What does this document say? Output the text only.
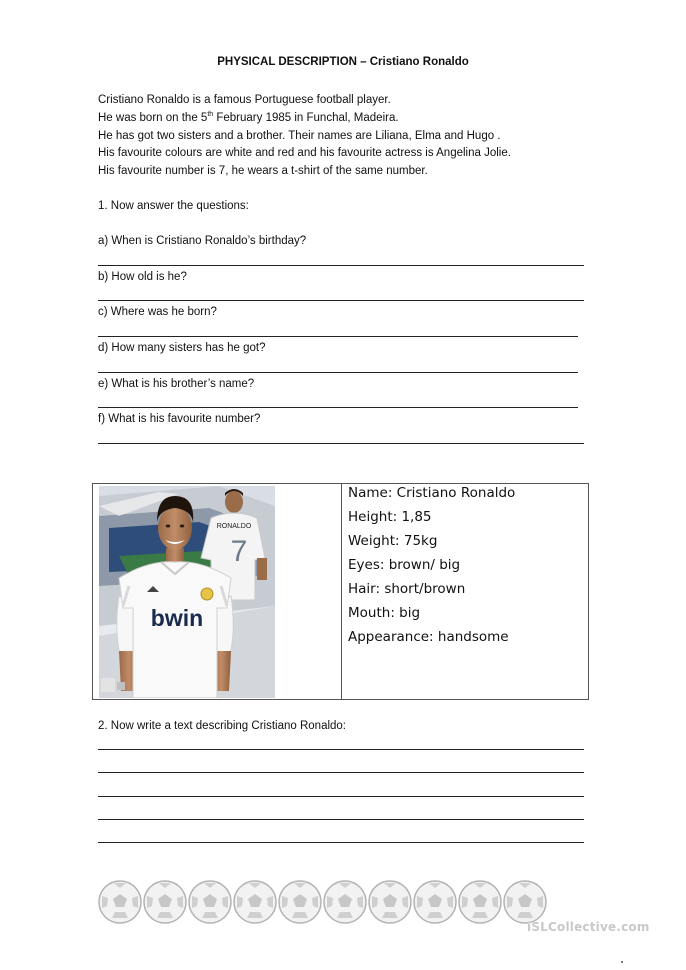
PHYSICAL DESCRIPTION – Cristiano Ronaldo
Cristiano Ronaldo is a famous Portuguese football player.
He was born on the 5th February 1985 in Funchal, Madeira.
He has got two sisters and a brother. Their names are Liliana, Elma and Hugo .
His favourite colours are white and red and his favourite actress is Angelina Jolie.
His favourite number is 7, he wears a t-shirt of the same number.
1. Now answer the questions:
a) When is Cristiano Ronaldo’s birthday?
b) How old is he?
c) Where was he born?
d) How many sisters has he got?
e) What is his brother’s name?
f) What is his favourite number?
RONALDO
7
bwin
Name: Cristiano Ronaldo
Height: 1,85
Weight: 75kg
Eyes: brown/ big
Hair: short/brown
Mouth: big
Appearance: handsome
2. Now write a text describing Cristiano Ronaldo:
iSLCollective.com
